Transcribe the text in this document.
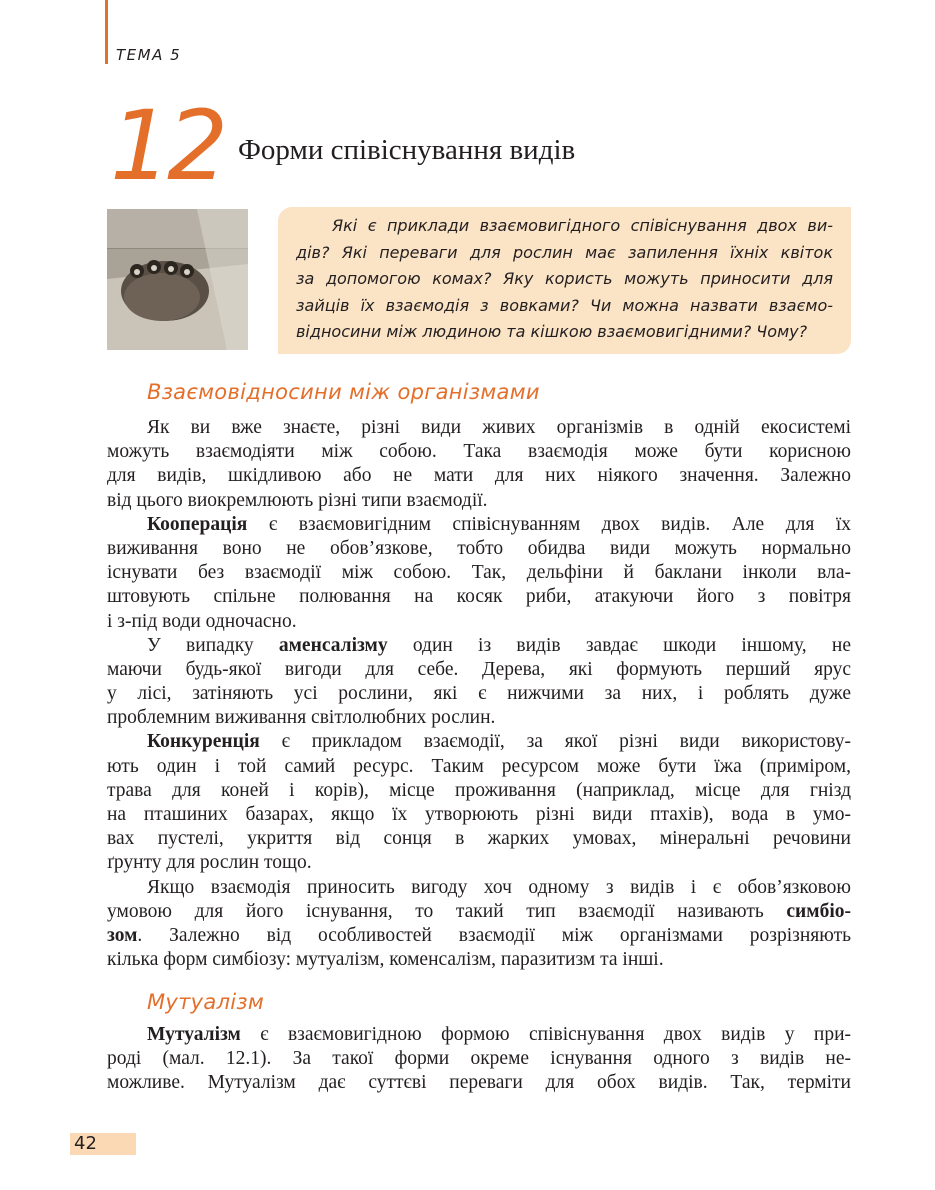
ТЕМА 5
12 Форми співіснування видів
Які є приклади взаємовигідного співіснування двох ви-
дів? Які переваги для рослин має запилення їхніх квіток
за допомогою комах? Яку користь можуть приносити для
зайців їх взаємодія з вовками? Чи можна назвати взаємо-
відносини між людиною та кішкою взаємовигідними? Чому?
Взаємовідносини між організмами
Як ви вже знаєте, різні види живих організмів в одній екосистемі
можуть взаємодіяти між собою. Така взаємодія може бути корисною
для видів, шкідливою або не мати для них ніякого значення. Залежно
від цього виокремлюють різні типи взаємодії.
Кооперація є взаємовигідним співіснуванням двох видів. Але для їх
виживання воно не обов’язкове, тобто обидва види можуть нормально
існувати без взаємодії між собою. Так, дельфіни й баклани інколи вла-
штовують спільне полювання на косяк риби, атакуючи його з повітря
і з-під води одночасно.
У випадку аменсалізму один із видів завдає шкоди іншому, не
маючи будь-якої вигоди для себе. Дерева, які формують перший ярус
у лісі, затіняють усі рослини, які є нижчими за них, і роблять дуже
проблемним виживання світлолюбних рослин.
Конкуренція є прикладом взаємодії, за якої різні види використову-
ють один і той самий ресурс. Таким ресурсом може бути їжа (приміром,
трава для коней і корів), місце проживання (наприклад, місце для гнізд
на пташиних базарах, якщо їх утворюють різні види птахів), вода в умо-
вах пустелі, укриття від сонця в жарких умовах, мінеральні речовини
ґрунту для рослин тощо.
Якщо взаємодія приносить вигоду хоч одному з видів і є обов’язковою
умовою для його існування, то такий тип взаємодії називають симбіо-
зом. Залежно від особливостей взаємодії між організмами розрізняють
кілька форм симбіозу: мутуалізм, коменсалізм, паразитизм та інші.
Мутуалізм
Мутуалізм є взаємовигідною формою співіснування двох видів у при-
роді (мал. 12.1). За такої форми окреме існування одного з видів не-
можливе. Мутуалізм дає суттєві переваги для обох видів. Так, терміти
42
